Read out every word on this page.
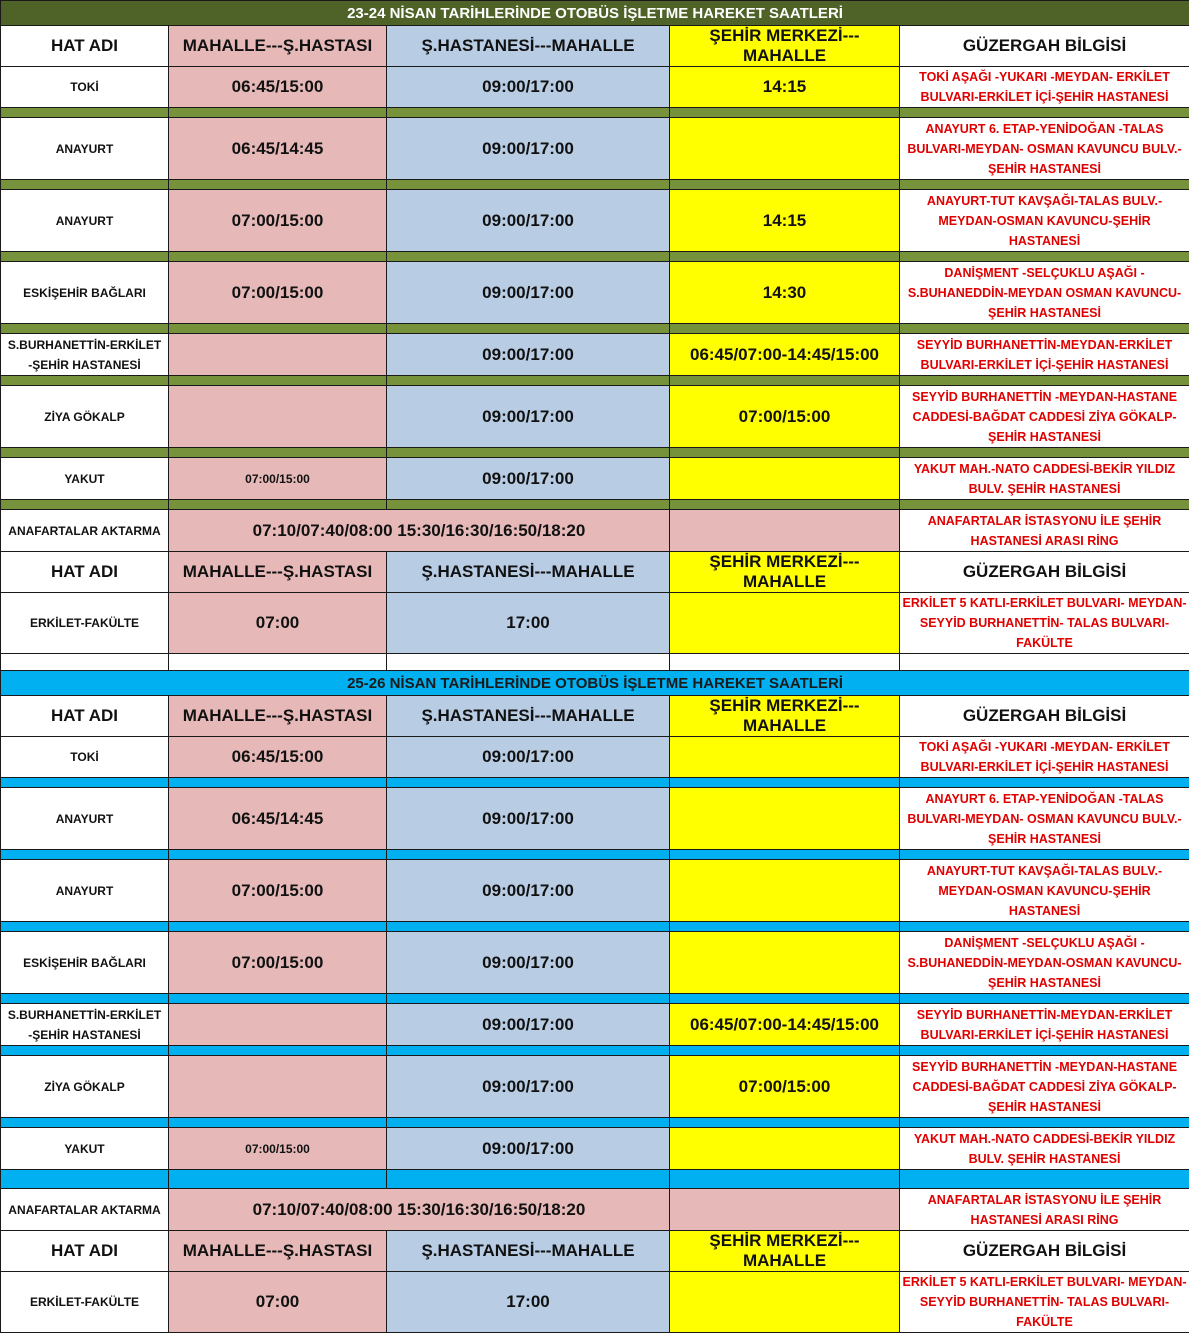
23-24 NİSAN TARİHLERİNDE OTOBÜS İŞLETME HAREKET SAATLERİ				
HAT ADI	MAHALLE---Ş.HASTASI	Ş.HASTANESİ---MAHALLE	ŞEHİR MERKEZİ---MAHALLE	GÜZERGAH BİLGİSİ
TOKİ	06:45/15:00	09:00/17:00	14:15	TOKİ AŞAĞI -YUKARI -MEYDAN- ERKİLET BULVARI-ERKİLET İÇİ-ŞEHİR HASTANESİ

ANAYURT	06:45/14:45	09:00/17:00		ANAYURT 6. ETAP-YENİDOĞAN -TALAS BULVARI-MEYDAN- OSMAN KAVUNCU BULV.-ŞEHİR HASTANESİ

ANAYURT	07:00/15:00	09:00/17:00	14:15	ANAYURT-TUT KAVŞAĞI-TALAS BULV.-MEYDAN-OSMAN KAVUNCU-ŞEHİR HASTANESİ

ESKİŞEHİR BAĞLARI	07:00/15:00	09:00/17:00	14:30	DANİŞMENT -SELÇUKLU AŞAĞI -S.BUHANEDDİN-MEYDAN OSMAN KAVUNCU-ŞEHİR HASTANESİ

S.BURHANETTİN-ERKİLET -ŞEHİR HASTANESİ		09:00/17:00	06:45/07:00-14:45/15:00	SEYYİD BURHANETTİN-MEYDAN-ERKİLET BULVARI-ERKİLET İÇİ-ŞEHİR HASTANESİ

ZİYA GÖKALP		09:00/17:00	07:00/15:00	SEYYİD BURHANETTİN -MEYDAN-HASTANE CADDESİ-BAĞDAT CADDESİ ZİYA GÖKALP-ŞEHİR HASTANESİ

YAKUT	07:00/15:00	09:00/17:00		YAKUT MAH.-NATO CADDESİ-BEKİR YILDIZ BULV. ŞEHİR HASTANESİ

ANAFARTALAR AKTARMA	07:10/07:40/08:00 15:30/16:30/16:50/18:20			ANAFARTALAR İSTASYONU İLE ŞEHİR HASTANESİ ARASI RİNG
HAT ADI	MAHALLE---Ş.HASTASI	Ş.HASTANESİ---MAHALLE	ŞEHİR MERKEZİ---MAHALLE	GÜZERGAH BİLGİSİ
ERKİLET-FAKÜLTE	07:00	17:00		ERKİLET 5 KATLI-ERKİLET BULVARI- MEYDAN-SEYYİD BURHANETTİN- TALAS BULVARI-FAKÜLTE

25-26 NİSAN TARİHLERİNDE OTOBÜS İŞLETME HAREKET SAATLERİ				
HAT ADI	MAHALLE---Ş.HASTASI	Ş.HASTANESİ---MAHALLE	ŞEHİR MERKEZİ---MAHALLE	GÜZERGAH BİLGİSİ
TOKİ	06:45/15:00	09:00/17:00		TOKİ AŞAĞI -YUKARI -MEYDAN- ERKİLET BULVARI-ERKİLET İÇİ-ŞEHİR HASTANESİ

ANAYURT	06:45/14:45	09:00/17:00		ANAYURT 6. ETAP-YENİDOĞAN -TALAS BULVARI-MEYDAN- OSMAN KAVUNCU BULV.-ŞEHİR HASTANESİ

ANAYURT	07:00/15:00	09:00/17:00		ANAYURT-TUT KAVŞAĞI-TALAS BULV.-MEYDAN-OSMAN KAVUNCU-ŞEHİR HASTANESİ

ESKİŞEHİR BAĞLARI	07:00/15:00	09:00/17:00		DANİŞMENT -SELÇUKLU AŞAĞI -S.BUHANEDDİN-MEYDAN-OSMAN KAVUNCU-ŞEHİR HASTANESİ

S.BURHANETTİN-ERKİLET -ŞEHİR HASTANESİ		09:00/17:00	06:45/07:00-14:45/15:00	SEYYİD BURHANETTİN-MEYDAN-ERKİLET BULVARI-ERKİLET İÇİ-ŞEHİR HASTANESİ

ZİYA GÖKALP		09:00/17:00	07:00/15:00	SEYYİD BURHANETTİN -MEYDAN-HASTANE CADDESİ-BAĞDAT CADDESİ ZİYA GÖKALP-ŞEHİR HASTANESİ

YAKUT	07:00/15:00	09:00/17:00		YAKUT MAH.-NATO CADDESİ-BEKİR YILDIZ BULV. ŞEHİR HASTANESİ

ANAFARTALAR AKTARMA	07:10/07:40/08:00 15:30/16:30/16:50/18:20			ANAFARTALAR İSTASYONU İLE ŞEHİR HASTANESİ ARASI RİNG
HAT ADI	MAHALLE---Ş.HASTASI	Ş.HASTANESİ---MAHALLE	ŞEHİR MERKEZİ---MAHALLE	GÜZERGAH BİLGİSİ
ERKİLET-FAKÜLTE	07:00	17:00		ERKİLET 5 KATLI-ERKİLET BULVARI- MEYDAN-SEYYİD BURHANETTİN- TALAS BULVARI-FAKÜLTE
